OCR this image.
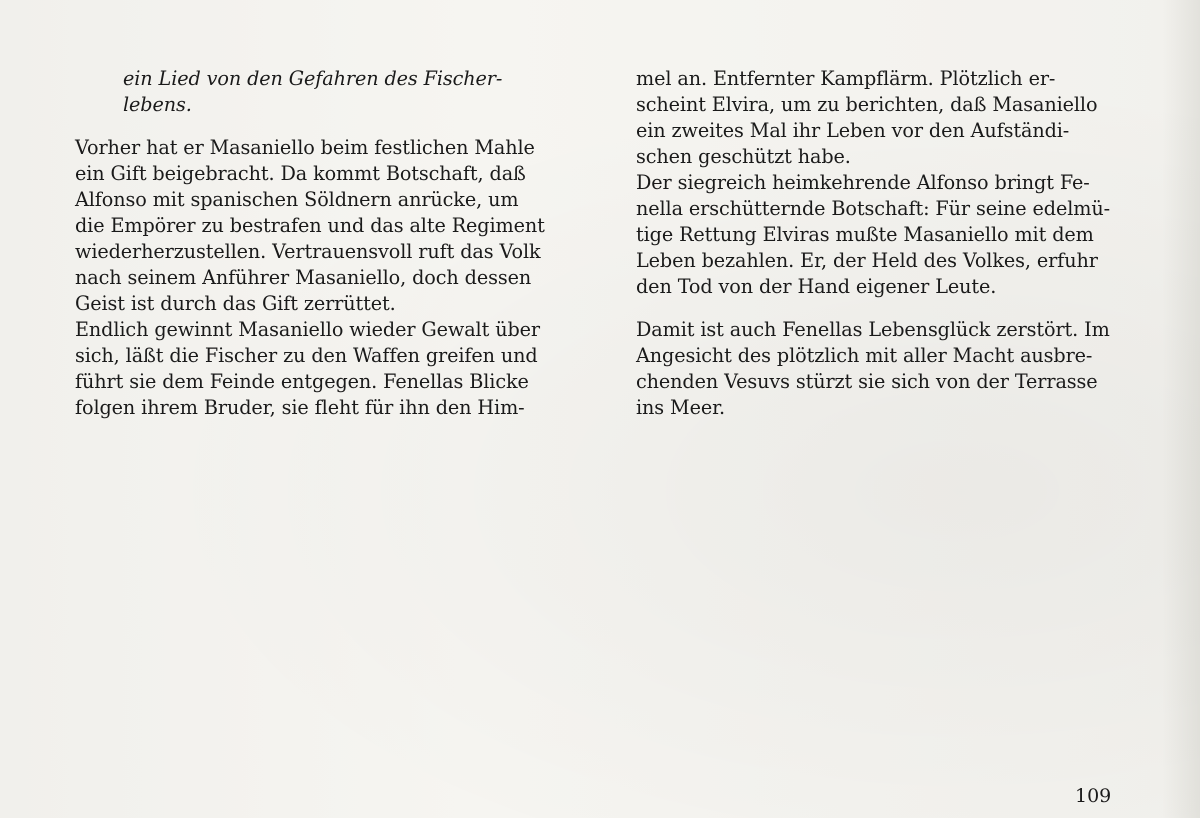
ein Lied von den Gefahren des Fischer-
lebens.

Vorher hat er Masaniello beim festlichen Mahle
ein Gift beigebracht. Da kommt Botschaft, daß
Alfonso mit spanischen Söldnern anrücke, um
die Empörer zu bestrafen und das alte Regiment
wiederherzustellen. Vertrauensvoll ruft das Volk
nach seinem Anführer Masaniello, doch dessen
Geist ist durch das Gift zerrüttet.

Endlich gewinnt Masaniello wieder Gewalt über
sich, läßt die Fischer zu den Waffen greifen und
führt sie dem Feinde entgegen. Fenellas Blicke
folgen ihrem Bruder, sie fleht für ihn den Him-

mel an. Entfernter Kampflärm. Plötzlich er-
scheint Elvira, um zu berichten, daß Masaniello
ein zweites Mal ihr Leben vor den Aufständi-
schen geschützt habe.

Der siegreich heimkehrende Alfonso bringt Fe-
nella erschütternde Botschaft: Für seine edelmü-
tige Rettung Elviras mußte Masaniello mit dem
Leben bezahlen. Er, der Held des Volkes, erfuhr
den Tod von der Hand eigener Leute.

Damit ist auch Fenellas Lebensglück zerstört. Im
Angesicht des plötzlich mit aller Macht ausbre-
chenden Vesuvs stürzt sie sich von der Terrasse
ins Meer.

109
